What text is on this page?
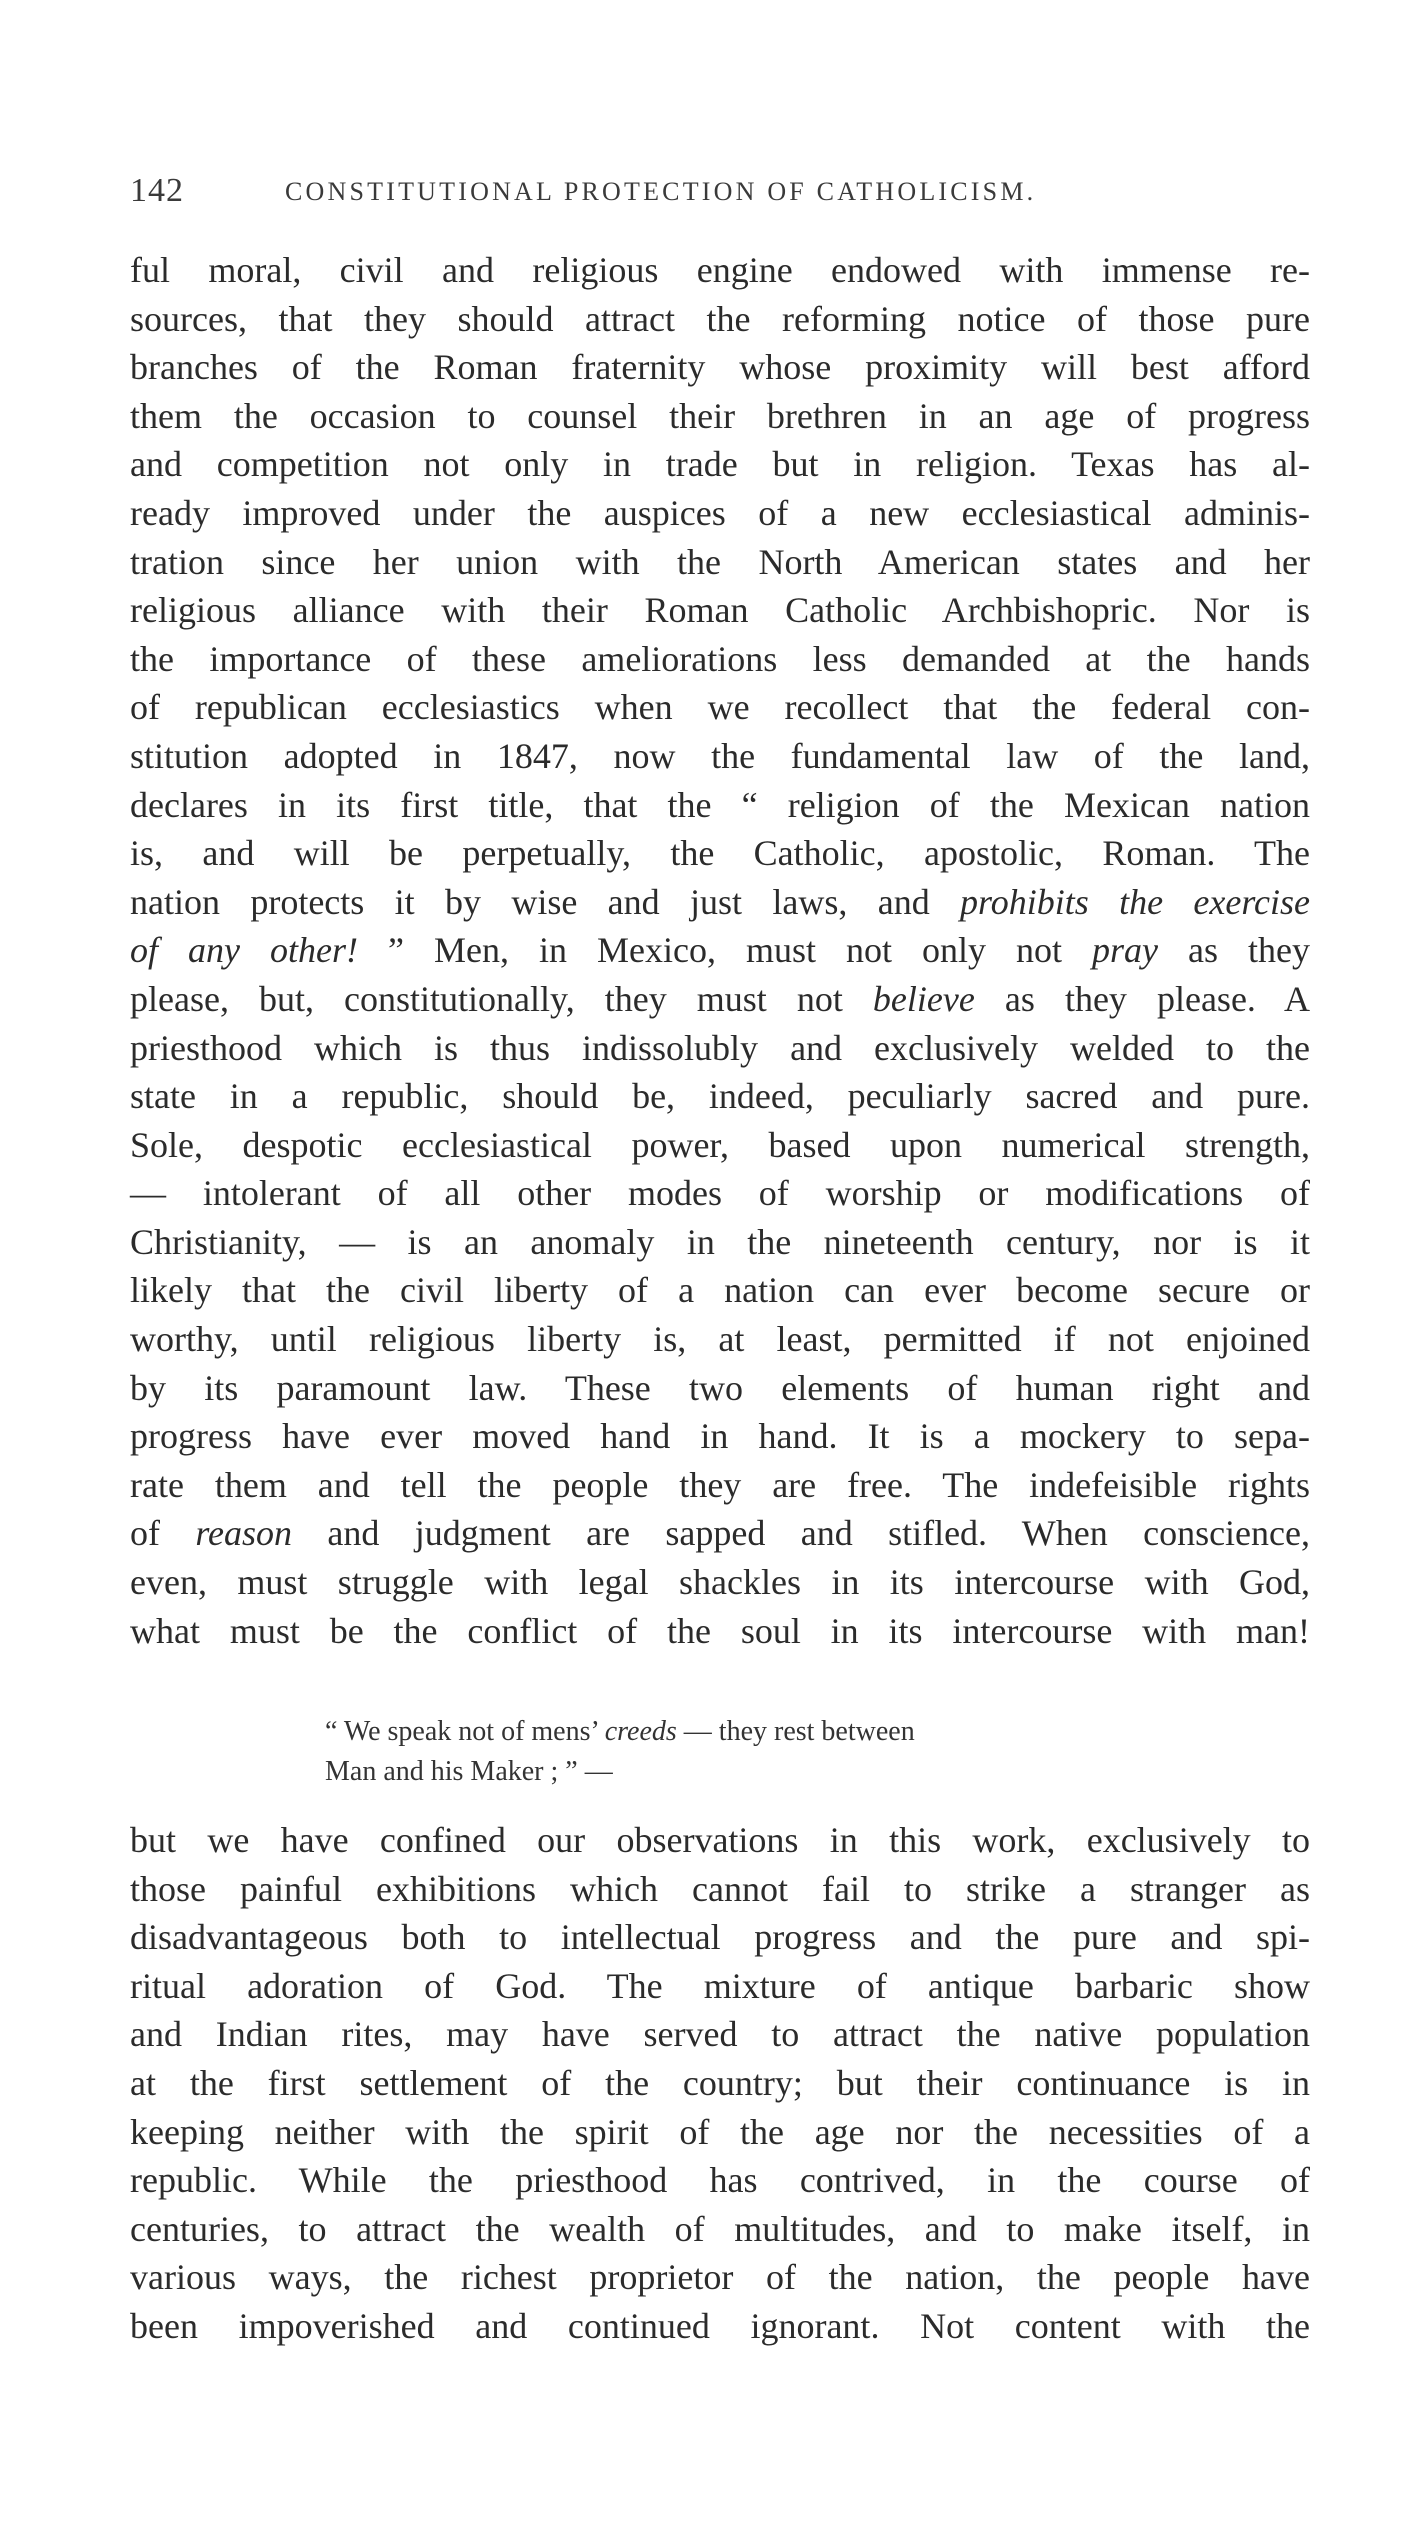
142	CONSTITUTIONAL PROTECTION OF CATHOLICISM.

ful moral, civil and religious engine endowed with immense re-

sources, that they should attract the reforming notice of those pure

branches of the Roman fraternity whose proximity will best afford

them the occasion to counsel their brethren in an age of progress

and competition not only in trade but in religion. Texas has al-

ready improved under the auspices of a new ecclesiastical adminis-

tration since her union with the North American states and her

religious alliance with their Roman Catholic Archbishopric. Nor is

the importance of these ameliorations less demanded at the hands

of republican ecclesiastics when we recollect that the federal con-

stitution adopted in 1847, now the fundamental law of the land,

declares in its first title, that the “ religion of the Mexican nation

is, and will be perpetually, the Catholic, apostolic, Roman. The

nation protects it by wise and just laws, and prohibits the exercise

of any other! ” Men, in Mexico, must not only not pray as they

please, but, constitutionally, they must not believe as they please. A

priesthood which is thus indissolubly and exclusively welded to the

state in a republic, should be, indeed, peculiarly sacred and pure.

Sole, despotic ecclesiastical power, based upon numerical strength,

— intolerant of all other modes of worship or modifications of

Christianity, — is an anomaly in the nineteenth century, nor is it

likely that the civil liberty of a nation can ever become secure or

worthy, until religious liberty is, at least, permitted if not enjoined

by its paramount law. These two elements of human right and

progress have ever moved hand in hand. It is a mockery to sepa-

rate them and tell the people they are free. The indefeisible rights

of reason and judgment are sapped and stifled. When conscience,

even, must struggle with legal shackles in its intercourse with God,

what must be the conflict of the soul in its intercourse with man!

“ We speak not of mens’ creeds — they rest between
Man and his Maker ; ” —

but we have confined our observations in this work, exclusively to

those painful exhibitions which cannot fail to strike a stranger as

disadvantageous both to intellectual progress and the pure and spi-

ritual adoration of God. The mixture of antique barbaric show

and Indian rites, may have served to attract the native population

at the first settlement of the country; but their continuance is in

keeping neither with the spirit of the age nor the necessities of a

republic. While the priesthood has contrived, in the course of

centuries, to attract the wealth of multitudes, and to make itself, in

various ways, the richest proprietor of the nation, the people have

been impoverished and continued ignorant. Not content with the
